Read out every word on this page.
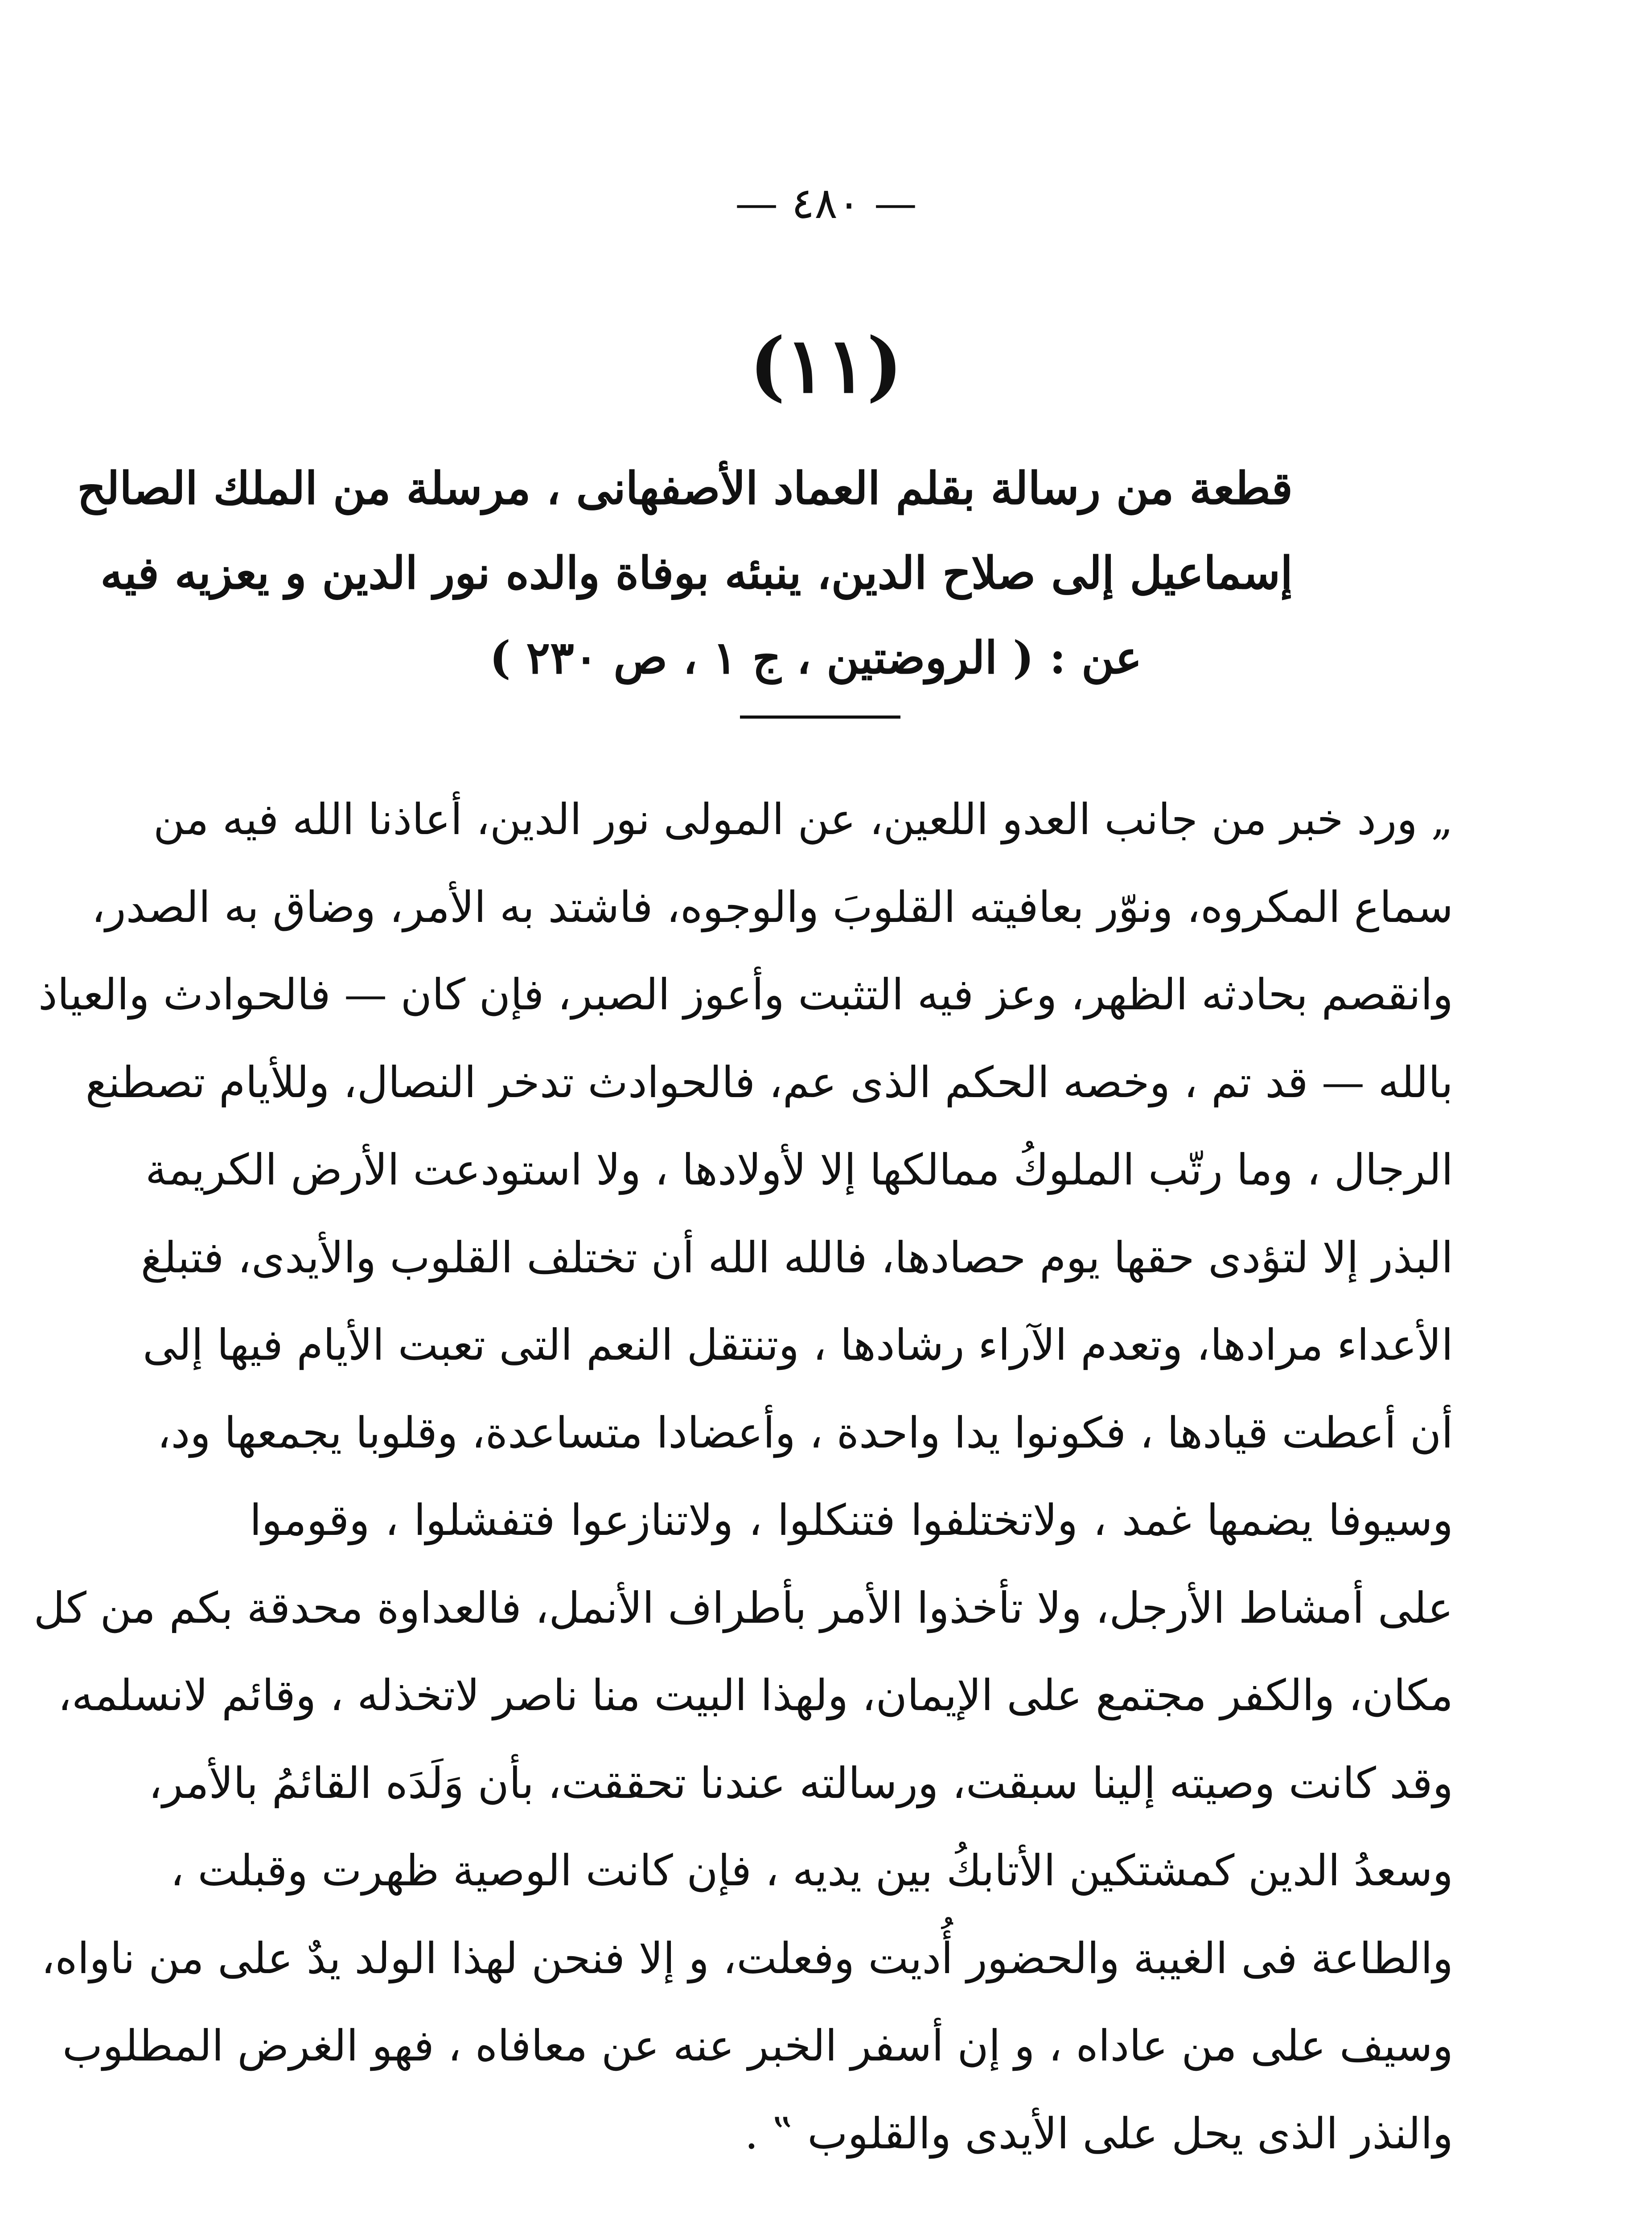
— ٤٨٠ —
(١١)
قطعة من رسالة بقلم العماد الأصفهانى ، مرسلة من الملك الصالح
إسماعيل إلى صلاح الدين، ينبئه بوفاة والده نور الدين و يعزيه فيه
عن : ( الروضتين ، ج ١ ، ص ٢٣٠ )
„ ورد خبر من جانب العدو اللعين، عن المولى نور الدين، أعاذنا الله فيه من
سماع المكروه، ونوّر بعافيته القلوبَ والوجوه، فاشتد به الأمر، وضاق به الصدر،
وانقصم بحادثه الظهر، وعز فيه التثبت وأعوز الصبر، فإن كان — فالحوادث والعياذ
بالله — قد تم ، وخصه الحكم الذى عم، فالحوادث تدخر النصال، وللأيام تصطنع
الرجال ، وما رتّب الملوكُ ممالكها إلا لأولادها ، ولا استودعت الأرض الكريمة
البذر إلا لتؤدى حقها يوم حصادها، فالله الله أن تختلف القلوب والأيدى، فتبلغ
الأعداء مرادها، وتعدم الآراء رشادها ، وتنتقل النعم التى تعبت الأيام فيها إلى
أن أعطت قيادها ، فكونوا يدا واحدة ، وأعضادا متساعدة، وقلوبا يجمعها ود،
وسيوفا يضمها غمد ، ولاتختلفوا فتنكلوا ، ولاتنازعوا فتفشلوا ، وقوموا
على أمشاط الأرجل، ولا تأخذوا الأمر بأطراف الأنمل، فالعداوة محدقة بكم من كل
مكان، والكفر مجتمع على الإيمان، ولهذا البيت منا ناصر لاتخذله ، وقائم لانسلمه،
وقد كانت وصيته إلينا سبقت، ورسالته عندنا تحققت، بأن وَلَدَه القائمُ بالأمر،
وسعدُ الدين كمشتكين الأتابكُ بين يديه ، فإن كانت الوصية ظهرت وقبلت ،
والطاعة فى الغيبة والحضور أُديت وفعلت، و إلا فنحن لهذا الولد يدٌ على من ناواه،
وسيف على من عاداه ، و إن أسفر الخبر عنه عن معافاه ، فهو الغرض المطلوب
والنذر الذى يحل على الأيدى والقلوب ‟ .
